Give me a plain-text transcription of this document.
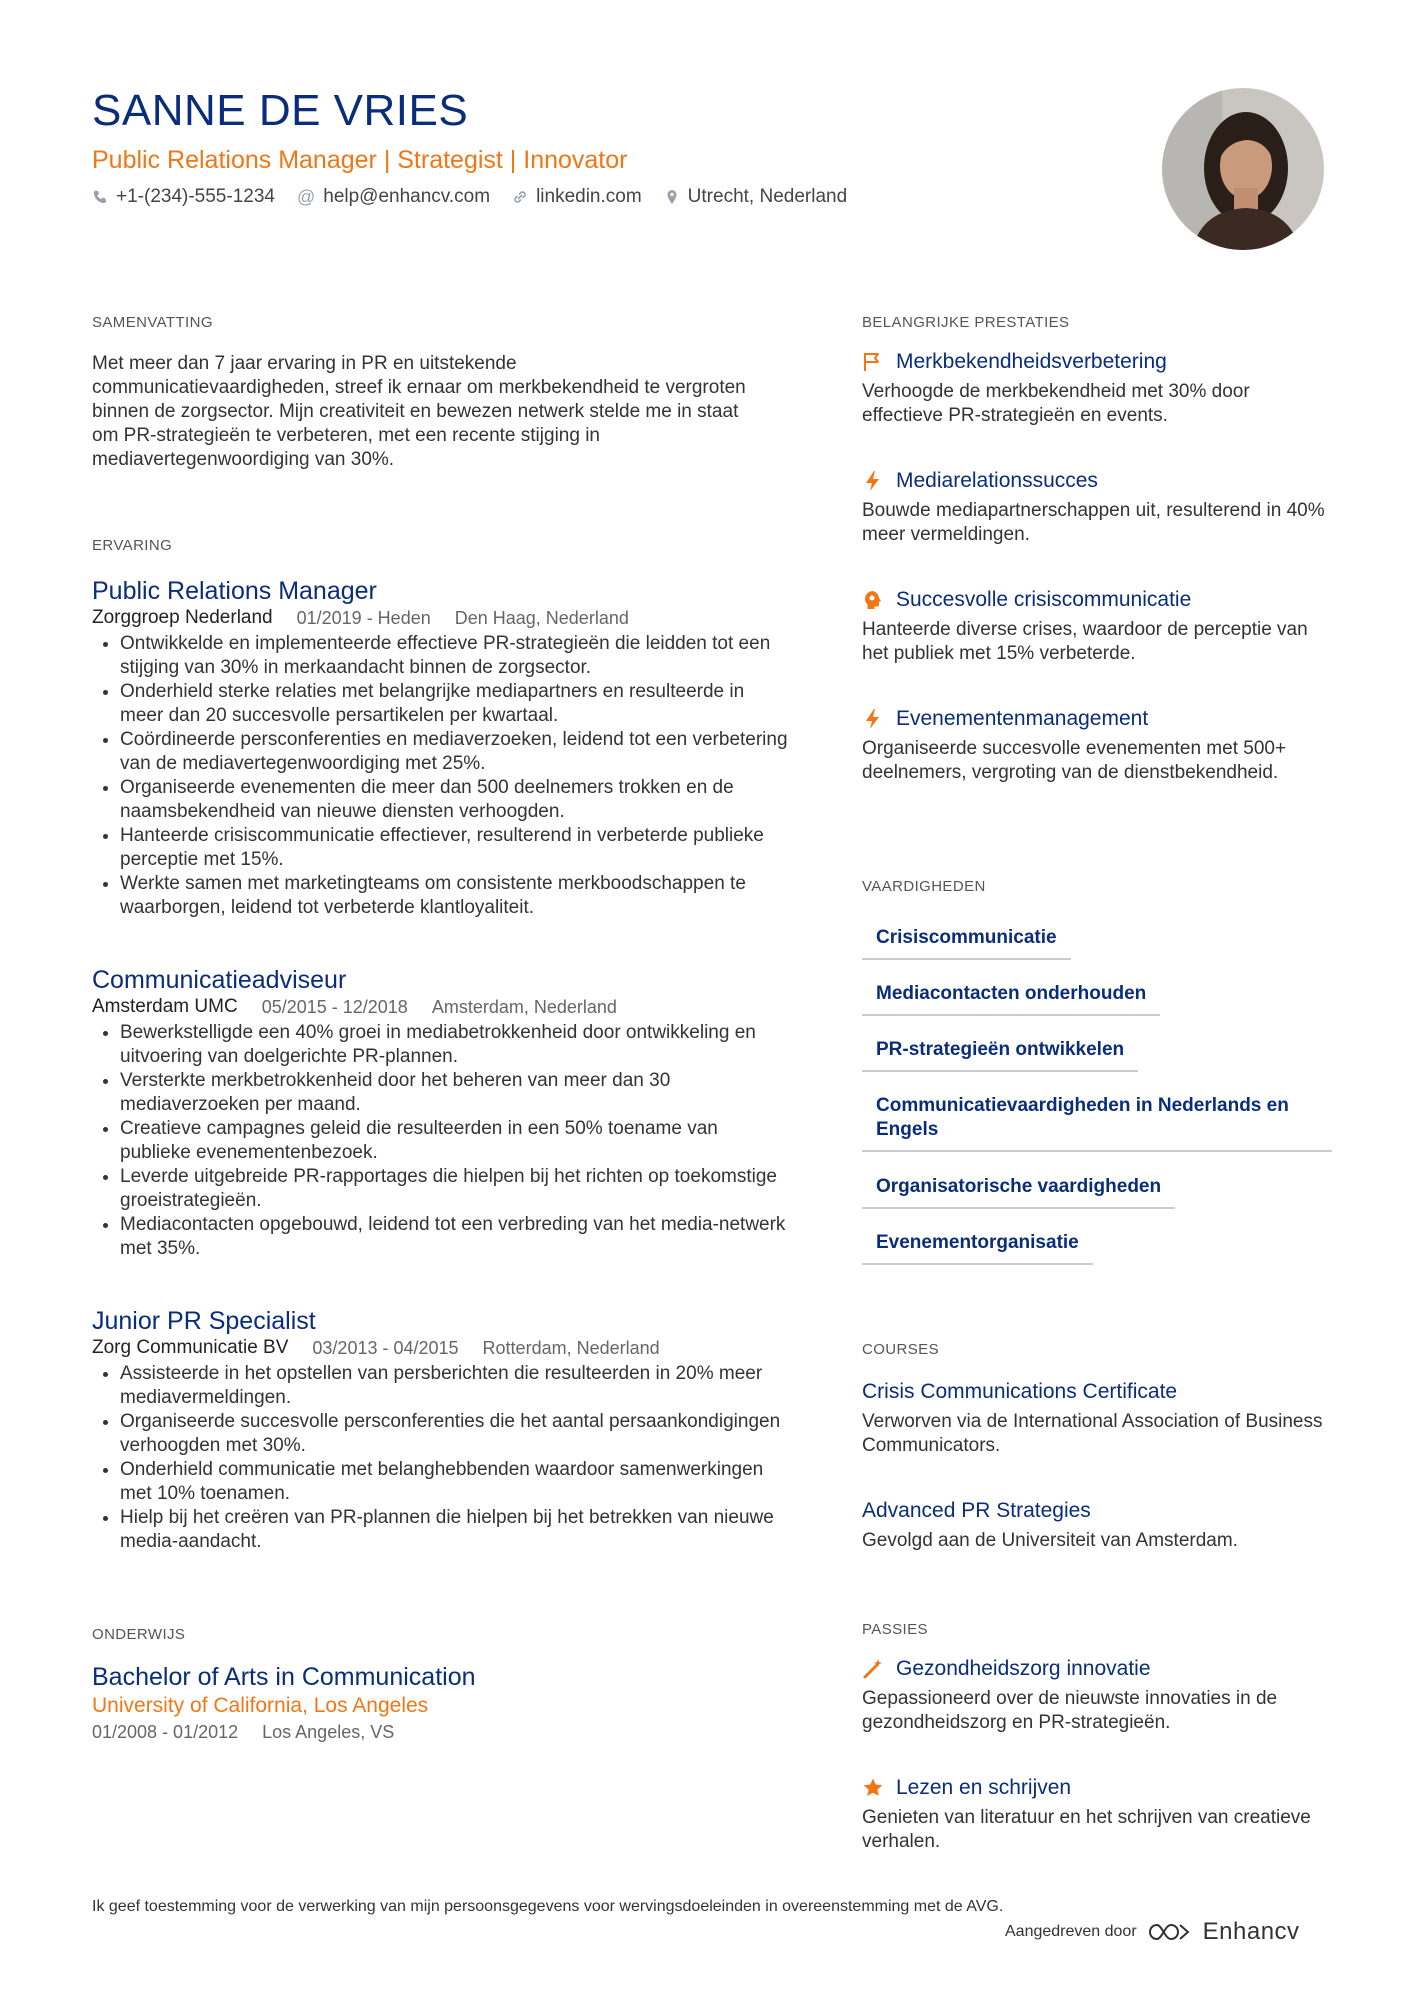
SANNE DE VRIES
Public Relations Manager | Strategist | Innovator
+1-(234)-555-1234 @ help@enhancv.com linkedin.com Utrecht, Nederland
SAMENVATTING
Met meer dan 7 jaar ervaring in PR en uitstekende communicatievaardigheden, streef ik ernaar om merkbekendheid te vergroten binnen de zorgsector. Mijn creativiteit en bewezen netwerk stelde me in staat om PR-strategieën te verbeteren, met een recente stijging in mediavertegenwoordiging van 30%.
ERVARING
Public Relations Manager
Zorggroep Nederland 01/2019 - Heden Den Haag, Nederland
• Ontwikkelde en implementeerde effectieve PR-strategieën die leidden tot een stijging van 30% in merkaandacht binnen de zorgsector.
• Onderhield sterke relaties met belangrijke mediapartners en resulteerde in meer dan 20 succesvolle persartikelen per kwartaal.
• Coördineerde persconferenties en mediaverzoeken, leidend tot een verbetering van de mediavertegenwoordiging met 25%.
• Organiseerde evenementen die meer dan 500 deelnemers trokken en de naamsbekendheid van nieuwe diensten verhoogden.
• Hanteerde crisiscommunicatie effectiever, resulterend in verbeterde publieke perceptie met 15%.
• Werkte samen met marketingteams om consistente merkboodschappen te waarborgen, leidend tot verbeterde klantloyaliteit.
Communicatieadviseur
Amsterdam UMC 05/2015 - 12/2018 Amsterdam, Nederland
• Bewerkstelligde een 40% groei in mediabetrokkenheid door ontwikkeling en uitvoering van doelgerichte PR-plannen.
• Versterkte merkbetrokkenheid door het beheren van meer dan 30 mediaverzoeken per maand.
• Creatieve campagnes geleid die resulteerden in een 50% toename van publieke evenementenbezoek.
• Leverde uitgebreide PR-rapportages die hielpen bij het richten op toekomstige groeistrategieën.
• Mediacontacten opgebouwd, leidend tot een verbreding van het media-netwerk met 35%.
Junior PR Specialist
Zorg Communicatie BV 03/2013 - 04/2015 Rotterdam, Nederland
• Assisteerde in het opstellen van persberichten die resulteerden in 20% meer mediavermeldingen.
• Organiseerde succesvolle persconferenties die het aantal persaankondigingen verhoogden met 30%.
• Onderhield communicatie met belanghebbenden waardoor samenwerkingen met 10% toenamen.
• Hielp bij het creëren van PR-plannen die hielpen bij het betrekken van nieuwe media-aandacht.
ONDERWIJS
Bachelor of Arts in Communication
University of California, Los Angeles
01/2008 - 01/2012 Los Angeles, VS
BELANGRIJKE PRESTATIES
Merkbekendheidsverbetering
Verhoogde de merkbekendheid met 30% door effectieve PR-strategieën en events.
Mediarelationssucces
Bouwde mediapartnerschappen uit, resulterend in 40% meer vermeldingen.
Succesvolle crisiscommunicatie
Hanteerde diverse crises, waardoor de perceptie van het publiek met 15% verbeterde.
Evenementenmanagement
Organiseerde succesvolle evenementen met 500+ deelnemers, vergroting van de dienstbekendheid.
VAARDIGHEDEN
Crisiscommunicatie
Mediacontacten onderhouden
PR-strategieën ontwikkelen
Communicatievaardigheden in Nederlands en Engels
Organisatorische vaardigheden
Evenementorganisatie
COURSES
Crisis Communications Certificate
Verworven via de International Association of Business Communicators.
Advanced PR Strategies
Gevolgd aan de Universiteit van Amsterdam.
PASSIES
Gezondheidszorg innovatie
Gepassioneerd over de nieuwste innovaties in de gezondheidszorg en PR-strategieën.
Lezen en schrijven
Genieten van literatuur en het schrijven van creatieve verhalen.
Ik geef toestemming voor de verwerking van mijn persoonsgegevens voor wervingsdoeleinden in overeenstemming met de AVG.
Aangedreven door	Enhancv
